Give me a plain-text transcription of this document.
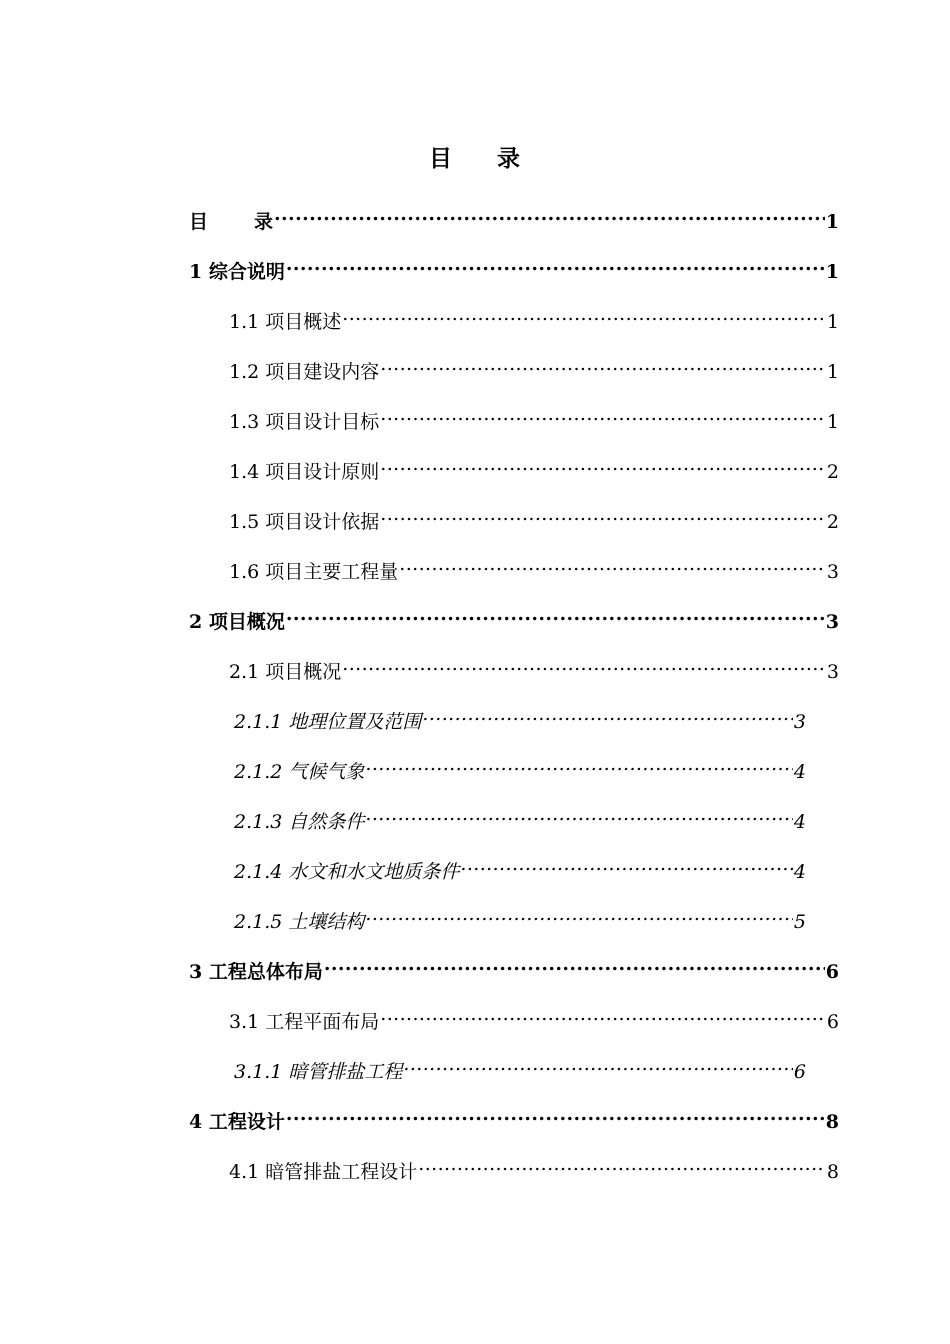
目 录
目 录 .....	1
1 综合说明 .....	1
1.1 项目概述 .....	1
1.2 项目建设内容 .....	1
1.3 项目设计目标 .....	1
1.4 项目设计原则 .....	2
1.5 项目设计依据 .....	2
1.6 项目主要工程量 .....	3
2 项目概况 .....	3
2.1 项目概况 .....	3
2.1.1 地理位置及范围 .....	3
2.1.2 气候气象 .....	4
2.1.3 自然条件 .....	4
2.1.4 水文和水文地质条件 .....	4
2.1.5 土壤结构 .....	5
3 工程总体布局 .....	6
3.1 工程平面布局 .....	6
3.1.1 暗管排盐工程 .....	6
4 工程设计 .....	8
4.1 暗管排盐工程设计 .....	8
